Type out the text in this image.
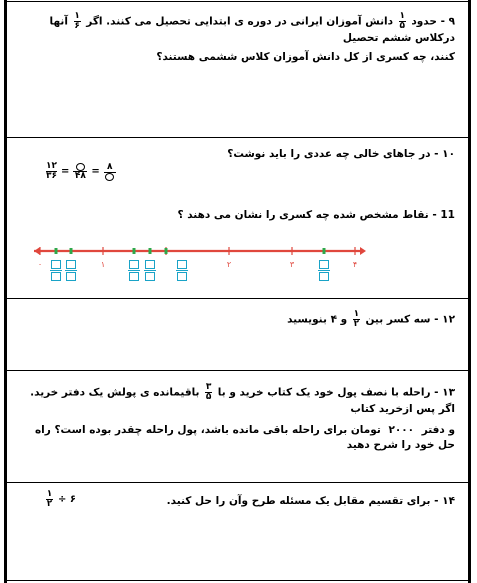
۹ - حدود
$\frac{۱}{۵}$
دانش آموزان ایرانی در دوره ی ابتدایی تحصیل می کنند. اگر
$\frac{۱}{۶}$
آنها درکلاس ششم تحصیل
کنند، چه کسری از کل دانش آموزان کلاس ششمی هستند؟
۱۰ - در جاهای خالی چه عددی را باید نوشت؟
$\frac{۱۲}{۳۶}$ = ۴۸ = ۸
11 - نقاط مشخص شده چه کسری را نشان می دهند ؟
۰	۱	۲	۳	۴
۱۲ - سه کسر بین
$\frac{۱}{۲}$
و ۴ بنویسید
۱۳ - راحله با نصف پول خود یک کتاب خرید و با
$\frac{۳}{۵}$
باقیمانده ی پولش یک دفتر خرید. اگر پس ازخرید کتاب
و دفتر ۲۰۰۰ تومان برای راحله باقی مانده باشد، پول راحله چقدر بوده است؟ راه حل خود را شرح دهید
۱۴ - برای تقسیم مقابل یک مسئله طرح وآن را حل کنید.
$\frac{۱}{۲}$ ÷ ۶
